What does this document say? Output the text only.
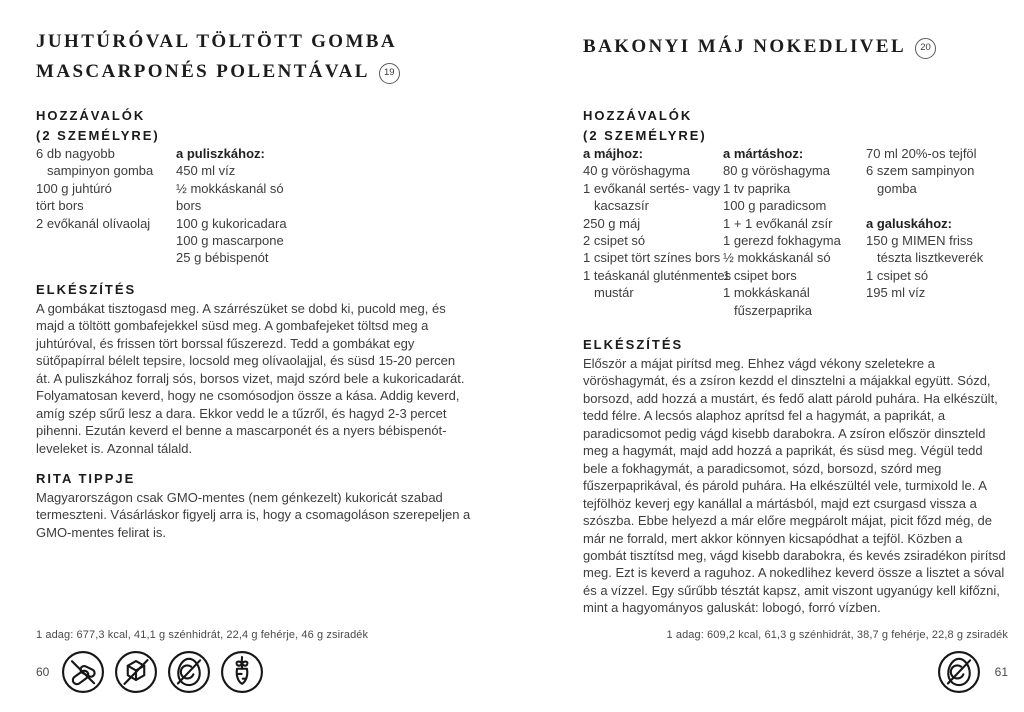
JUHTÚRÓVAL TÖLTÖTT GOMBA
MASCARPONÉS POLENTÁVAL 19
HOZZÁVALÓK
(2 SZEMÉLYRE)
6 db nagyobb
sampinyon gomba
100 g juhtúró
tört bors
2 evőkanál olívaolaj
a puliszkához:
450 ml víz
½ mokkáskanál só
bors
100 g kukoricadara
100 g mascarpone
25 g bébispenót
ELKÉSZÍTÉS

A gombákat tisztogasd meg. A szárrészüket se dobd ki, pucold meg, és majd a töltött gombafejekkel süsd meg. A gombafejeket töltsd meg a juhtúróval, és frissen tört borssal fűszerezd. Tedd a gombákat egy sütőpapírral bélelt tepsire, locsold meg olívaolajjal, és süsd 15-20 percen át. A puliszkához forralj sós, borsos vizet, majd szórd bele a kukoricadarát. Folyamatosan keverd, hogy ne csomósodjon össze a kása. Addig keverd, amíg szép sűrű lesz a dara. Ekkor vedd le a tűzről, és hagyd 2-3 percet pihenni. Ezután keverd el benne a mascarponét és a nyers bébispenót-leveleket is. Azonnal tálald.

RITA TIPPJE

Magyarországon csak GMO-mentes (nem génkezelt) kukoricát szabad termeszteni. Vásárláskor figyelj arra is, hogy a csomagoláson szerepeljen a GMO-mentes felirat is.

1 adag: 677,3 kcal, 41,1 g szénhidrát, 22,4 g fehérje, 46 g zsiradék
60
BAKONYI MÁJ NOKEDLIVEL 20
HOZZÁVALÓK
(2 SZEMÉLYRE)
a májhoz:
40 g vöröshagyma
1 evőkanál sertés- vagy
kacsazsír
250 g máj
2 csipet só
1 csipet tört színes bors
1 teáskanál gluténmentes
mustár
a mártáshoz:
80 g vöröshagyma
1 tv paprika
100 g paradicsom
1 + 1 evőkanál zsír
1 gerezd fokhagyma
½ mokkáskanál só
1 csipet bors
1 mokkáskanál
fűszerpaprika
70 ml 20%-os tejföl
6 szem sampinyon
gomba
a galuskához:
150 g MIMEN friss
tészta lisztkeverék
1 csipet só
195 ml víz
ELKÉSZÍTÉS

Először a májat pirítsd meg. Ehhez vágd vékony szeletekre a vöröshagymát, és a zsíron kezdd el dinsztelni a májakkal együtt. Sózd, borsozd, add hozzá a mustárt, és fedő alatt párold puhára. Ha elkészült, tedd félre. A lecsós alaphoz aprítsd fel a hagymát, a paprikát, a paradicsomot pedig vágd kisebb darabokra. A zsíron először dinszteld meg a hagymát, majd add hozzá a paprikát, és süsd meg. Végül tedd bele a fokhagymát, a paradicsomot, sózd, borsozd, szórd meg fűszerpaprikával, és párold puhára. Ha elkészültél vele, turmixold le. A tejfölhöz keverj egy kanállal a mártásból, majd ezt csurgasd vissza a szószba. Ebbe helyezd a már előre megpárolt májat, picit főzd még, de már ne forrald, mert akkor könnyen kicsapódhat a tejföl. Közben a gombát tisztítsd meg, vágd kisebb darabokra, és kevés zsiradékon pirítsd meg. Ezt is keverd a raguhoz. A nokedlihez keverd össze a lisztet a sóval és a vízzel. Egy sűrűbb tésztát kapsz, amit viszont ugyanúgy kell kifőzni, mint a hagyományos galuskát: lobogó, forró vízben.

1 adag: 609,2 kcal, 61,3 g szénhidrát, 38,7 g fehérje, 22,8 g zsiradék
61
